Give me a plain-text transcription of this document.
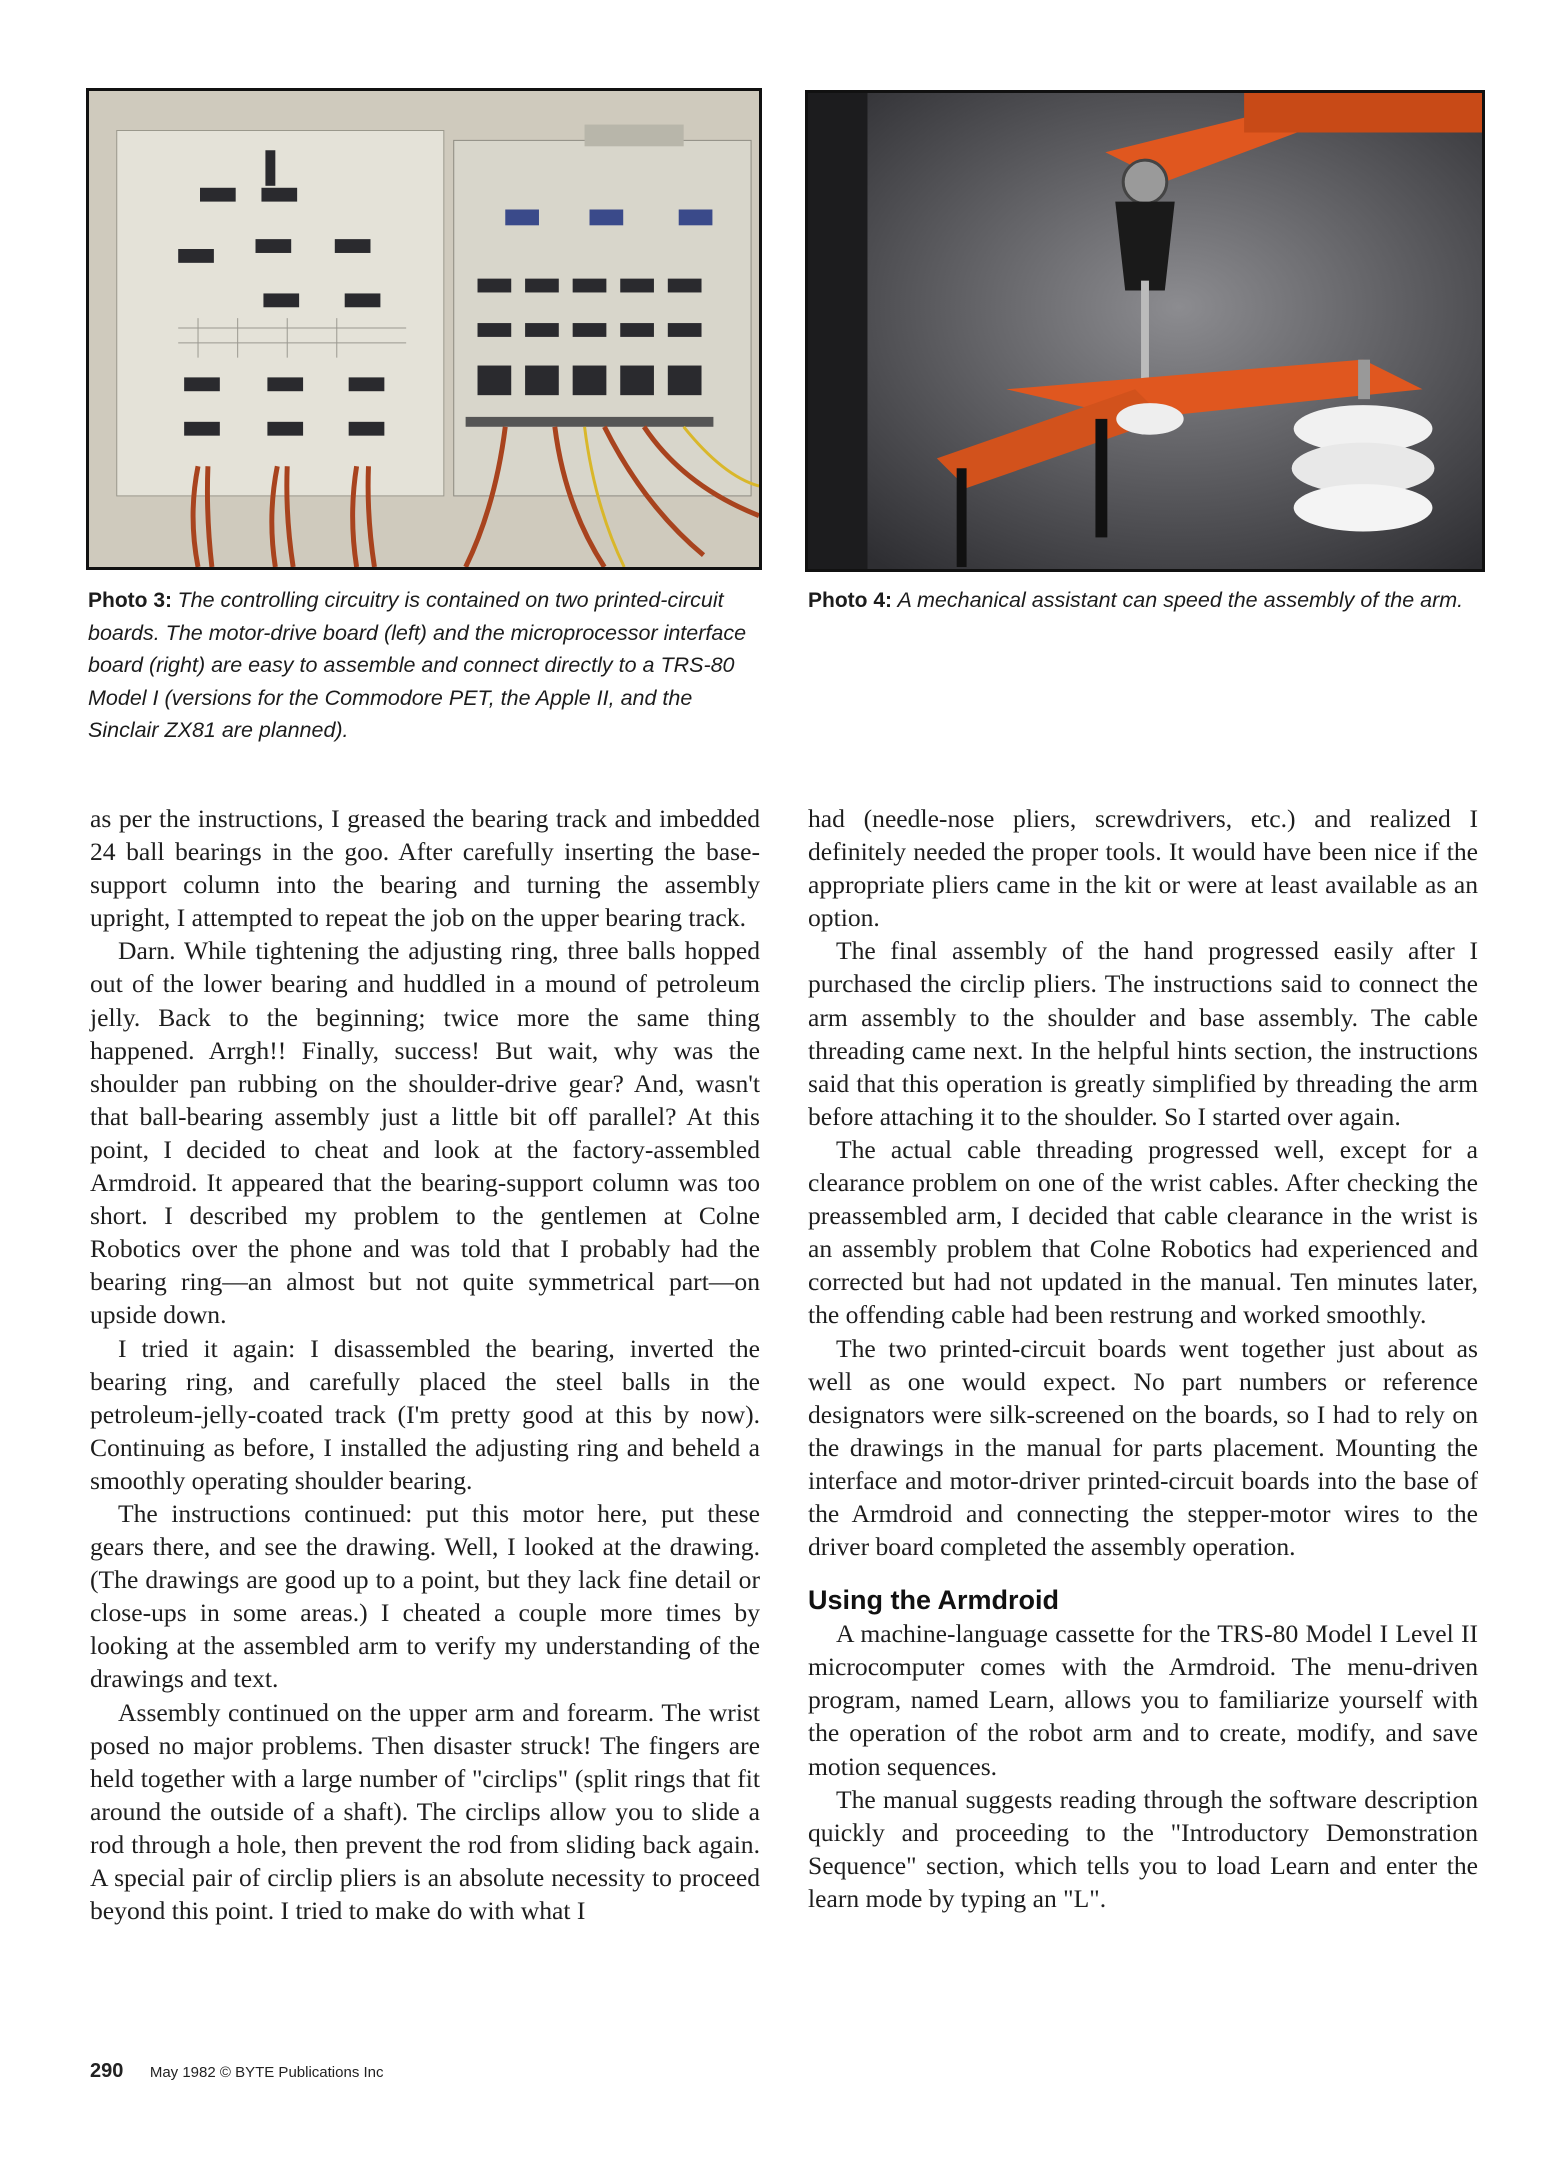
Photo 3: The controlling circuitry is contained on two printed-circuit boards. The motor-drive board (left) and the microprocessor interface board (right) are easy to assemble and connect directly to a TRS-80 Model I (versions for the Commodore PET, the Apple II, and the Sinclair ZX81 are planned).
Photo 4: A mechanical assistant can speed the assembly of the arm.

as per the instructions, I greased the bearing track and imbedded 24 ball bearings in the goo. After carefully inserting the base-support column into the bearing and turning the assembly upright, I attempted to repeat the job on the upper bearing track.

Darn. While tightening the adjusting ring, three balls hopped out of the lower bearing and huddled in a mound of petroleum jelly. Back to the beginning; twice more the same thing happened. Arrgh!! Finally, success! But wait, why was the shoulder pan rubbing on the shoulder-drive gear? And, wasn't that ball-bearing assembly just a little bit off parallel? At this point, I decided to cheat and look at the factory-assembled Armdroid. It appeared that the bearing-support column was too short. I described my problem to the gentlemen at Colne Robotics over the phone and was told that I probably had the bearing ring—an almost but not quite symmetrical part—on upside down.

I tried it again: I disassembled the bearing, inverted the bearing ring, and carefully placed the steel balls in the petroleum-jelly-coated track (I'm pretty good at this by now). Continuing as before, I installed the adjusting ring and beheld a smoothly operating shoulder bearing.

The instructions continued: put this motor here, put these gears there, and see the drawing. Well, I looked at the drawing. (The drawings are good up to a point, but they lack fine detail or close-ups in some areas.) I cheated a couple more times by looking at the assembled arm to verify my understanding of the drawings and text.

Assembly continued on the upper arm and forearm. The wrist posed no major problems. Then disaster struck! The fingers are held together with a large number of "circlips" (split rings that fit around the outside of a shaft). The circlips allow you to slide a rod through a hole, then prevent the rod from sliding back again. A special pair of circlip pliers is an absolute necessity to proceed beyond this point. I tried to make do with what I

had (needle-nose pliers, screwdrivers, etc.) and realized I definitely needed the proper tools. It would have been nice if the appropriate pliers came in the kit or were at least available as an option.

The final assembly of the hand progressed easily after I purchased the circlip pliers. The instructions said to connect the arm assembly to the shoulder and base assembly. The cable threading came next. In the helpful hints section, the instructions said that this operation is greatly simplified by threading the arm before attaching it to the shoulder. So I started over again.

The actual cable threading progressed well, except for a clearance problem on one of the wrist cables. After checking the preassembled arm, I decided that cable clearance in the wrist is an assembly problem that Colne Robotics had experienced and corrected but had not updated in the manual. Ten minutes later, the offending cable had been restrung and worked smoothly.

The two printed-circuit boards went together just about as well as one would expect. No part numbers or reference designators were silk-screened on the boards, so I had to rely on the drawings in the manual for parts placement. Mounting the interface and motor-driver printed-circuit boards into the base of the Armdroid and connecting the stepper-motor wires to the driver board completed the assembly operation.

Using the Armdroid

A machine-language cassette for the TRS-80 Model I Level II microcomputer comes with the Armdroid. The menu-driven program, named Learn, allows you to familiarize yourself with the operation of the robot arm and to create, modify, and save motion sequences.

The manual suggests reading through the software description quickly and proceeding to the "Introductory Demonstration Sequence" section, which tells you to load Learn and enter the learn mode by typing an "L".

290 May 1982 © BYTE Publications Inc
